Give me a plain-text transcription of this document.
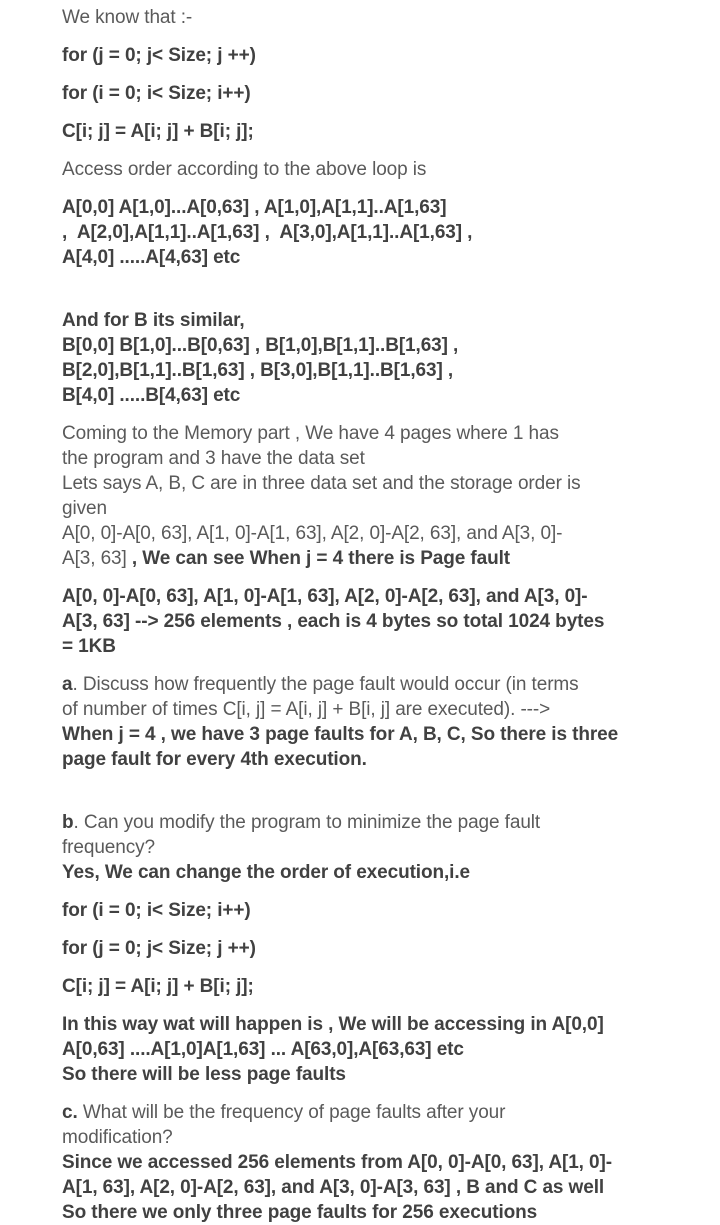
We know that :-

for (j = 0; j< Size; j ++)

for (i = 0; i< Size; i++)

C[i; j] = A[i; j] + B[i; j];

Access order according to the above loop is

A[0,0] A[1,0]...A[0,63] , A[1,0],A[1,1]..A[1,63]
,  A[2,0],A[1,1]..A[1,63] ,  A[3,0],A[1,1]..A[1,63] ,
A[4,0] .....A[4,63] etc

And for B its similar,
B[0,0] B[1,0]...B[0,63] , B[1,0],B[1,1]..B[1,63] ,
B[2,0],B[1,1]..B[1,63] , B[3,0],B[1,1]..B[1,63] ,
B[4,0] .....B[4,63] etc

Coming to the Memory part , We have 4 pages where 1 has
the program and 3 have the data set
Lets says A, B, C are in three data set and the storage order is
given
A[0, 0]-A[0, 63], A[1, 0]-A[1, 63], A[2, 0]-A[2, 63], and A[3, 0]-
A[3, 63] , We can see When j = 4 there is Page fault

A[0, 0]-A[0, 63], A[1, 0]-A[1, 63], A[2, 0]-A[2, 63], and A[3, 0]-
A[3, 63] --> 256 elements , each is 4 bytes so total 1024 bytes
= 1KB

a. Discuss how frequently the page fault would occur (in terms
of number of times C[i, j] = A[i, j] + B[i, j] are executed). --->
When j = 4 , we have 3 page faults for A, B, C, So there is three
page fault for every 4th execution.

b. Can you modify the program to minimize the page fault
frequency?
Yes, We can change the order of execution,i.e

for (i = 0; i< Size; i++)

for (j = 0; j< Size; j ++)

C[i; j] = A[i; j] + B[i; j];

In this way wat will happen is , We will be accessing in A[0,0]
A[0,63] ....A[1,0]A[1,63] ... A[63,0],A[63,63] etc
So there will be less page faults

c. What will be the frequency of page faults after your
modification?
Since we accessed 256 elements from A[0, 0]-A[0, 63], A[1, 0]-
A[1, 63], A[2, 0]-A[2, 63], and A[3, 0]-A[3, 63] , B and C as well
So there we only three page faults for 256 executions
